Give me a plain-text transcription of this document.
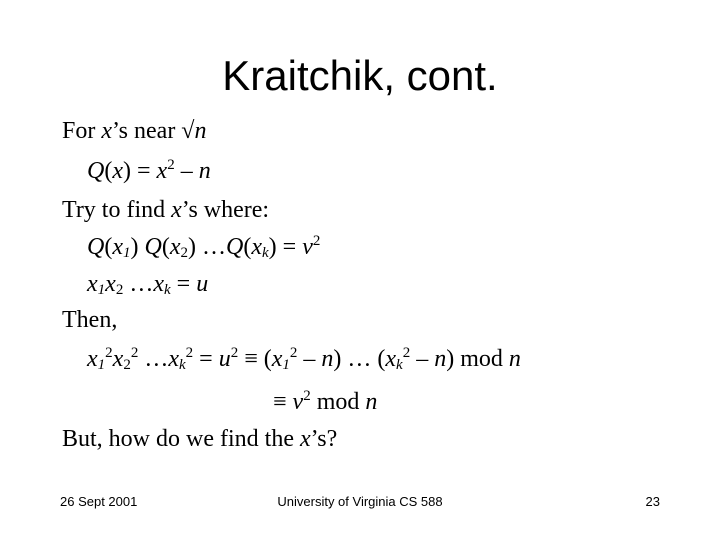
Kraitchik, cont.
For x’s near √n
$Q(x) = x^2 - n$
Try to find x’s where:
$Q(x_1)$ $Q(x_2)$ $\dots Q(x_k) = v^2$
$x_1x_2$ $\dots x_k = u$
Then,
$x_1^2x_2^2$ $\dots x_k^2 = u^2 \equiv (x_1^2 - n)$ … $(x_k^2 - n)$ mod n
≡ $v^2$ mod n
But, how do we find the x’s?
26 Sept 2001	University of Virginia CS 588	23
